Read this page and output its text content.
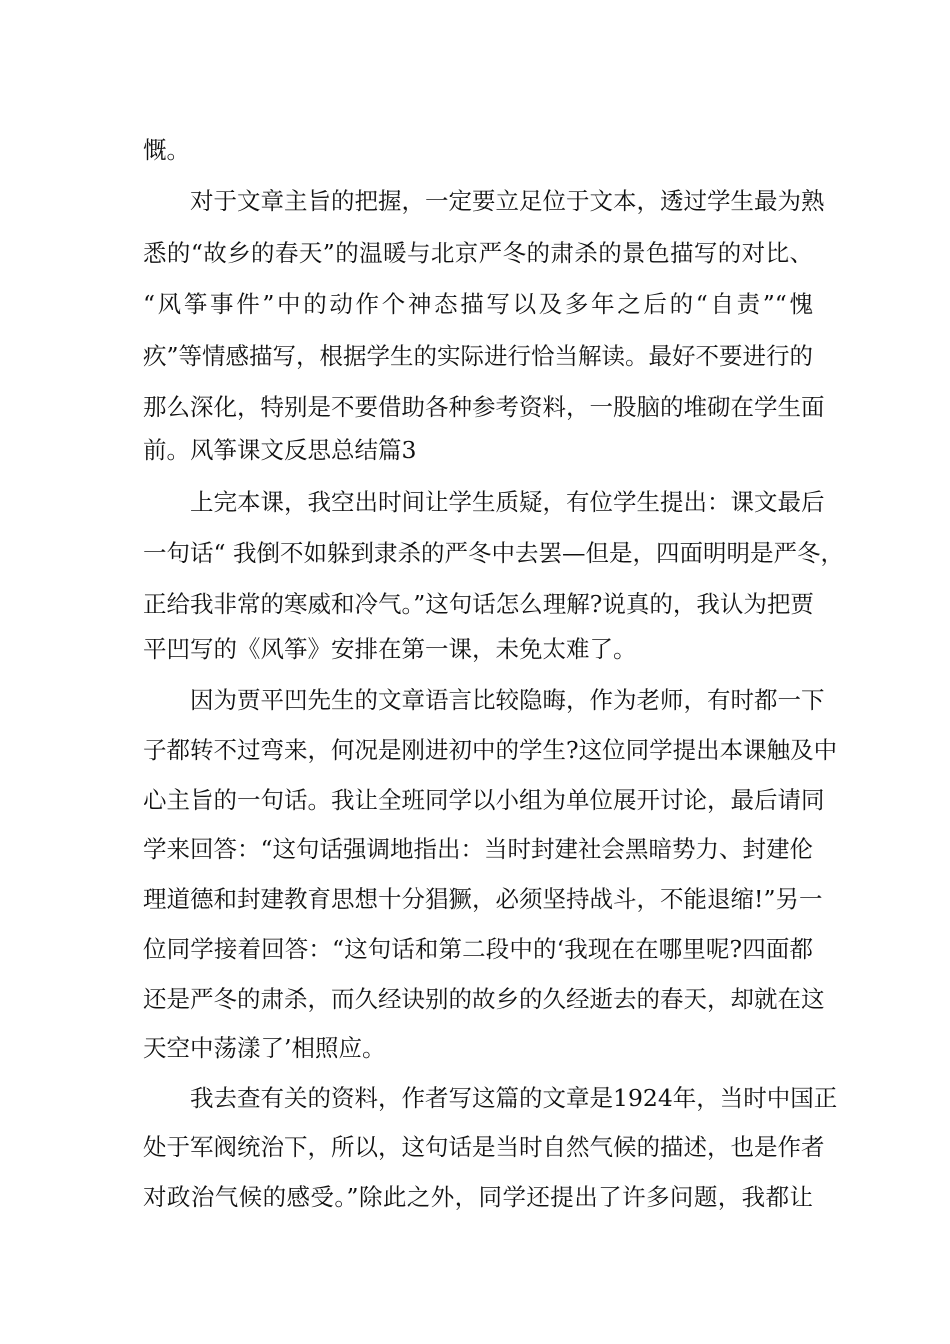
慨。
对于文章主旨的把握，一定要立足位于文本，透过学生最为熟
悉的“故乡的春天”的温暖与北京严冬的肃杀的景色描写的对比、
“风筝事件”中的动作个神态描写以及多年之后的“自责”“愧
疚”等情感描写，根据学生的实际进行恰当解读。最好不要进行的
那么深化，特别是不要借助各种参考资料，一股脑的堆砌在学生面
前。风筝课文反思总结篇3
上完本课，我空出时间让学生质疑，有位学生提出：课文最后
一句话“ 我倒不如躲到隶杀的严冬中去罢—但是，四面明明是严冬，
正给我非常的寒威和冷气。”这句话怎么理解?说真的，我认为把贾
平凹写的《风筝》安排在第一课，未免太难了。
因为贾平凹先生的文章语言比较隐晦，作为老师，有时都一下
子都转不过弯来，何况是刚进初中的学生?这位同学提出本课触及中
心主旨的一句话。我让全班同学以小组为单位展开讨论，最后请同
学来回答：“这句话强调地指出：当时封建社会黑暗势力、封建伦
理道德和封建教育思想十分猖獗，必须坚持战斗，不能退缩!”另一
位同学接着回答：“这句话和第二段中的‘我现在在哪里呢?四面都
还是严冬的肃杀，而久经诀别的故乡的久经逝去的春天，却就在这
天空中荡漾了’相照应。
我去查有关的资料，作者写这篇的文章是1924年，当时中国正
处于军阀统治下，所以，这句话是当时自然气候的描述，也是作者
对政治气候的感受。”除此之外，同学还提出了许多问题，我都让
